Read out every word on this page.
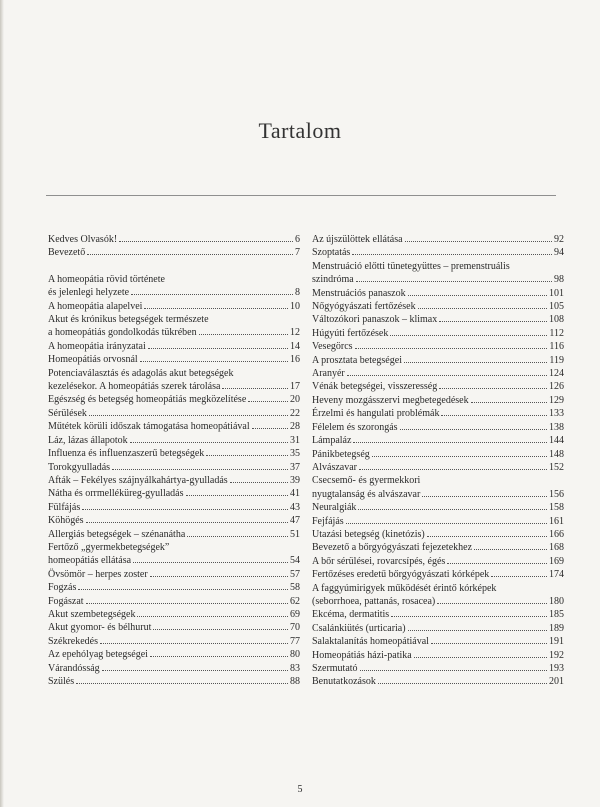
Tartalom
Kedves Olvasók!	6
Bevezető	7
A homeopátia rövid története
és jelenlegi helyzete	8
A homeopátia alapelvei	10
Akut és krónikus betegségek természete
a homeopátiás gondolkodás tükrében	12
A homeopátia irányzatai	14
Homeopátiás orvosnál	16
Potenciaválasztás és adagolás akut betegségek
kezelésekor. A homeopátiás szerek tárolása	17
Egészség és betegség homeopátiás megközelítése	20
Sérülések	22
Műtétek körüli időszak támogatása homeopátiával	28
Láz, lázas állapotok	31
Influenza és influenzaszerű betegségek	35
Torokgyulladás	37
Afták – Fekélyes szájnyálkahártya-gyulladás	39
Nátha és orrmelléküreg-gyulladás	41
Fülfájás	43
Köhögés	47
Allergiás betegségek – szénanátha	51
Fertőző „gyermekbetegségek”
homeopátiás ellátása	54
Övsömör – herpes zoster	57
Fogzás	58
Fogászat	62
Akut szembetegségek	69
Akut gyomor- és bélhurut	70
Székrekedés	77
Az epehólyag betegségei	80
Várandósság	83
Szülés	88
Az újszülöttek ellátása	92
Szoptatás	94
Menstruáció előtti tünetegyüttes – premenstruális
szindróma	98
Menstruációs panaszok	101
Nőgyógyászati fertőzések	105
Változókori panaszok – klimax	108
Húgyúti fertőzések	112
Vesegörcs	116
A prosztata betegségei	119
Aranyér	124
Vénák betegségei, visszeresség	126
Heveny mozgásszervi megbetegedések	129
Érzelmi és hangulati problémák	133
Félelem és szorongás	138
Lámpaláz	144
Pánikbetegség	148
Alvászavar	152
Csecsemő- és gyermekkori
nyugtalanság és alvászavar	156
Neuralgiák	158
Fejfájás	161
Utazási betegség (kinetózis)	166
Bevezető a bőrgyógyászati fejezetekhez	168
A bőr sérülései, rovarcsípés, égés	169
Fertőzéses eredetű bőrgyógyászati kórképek	174
A faggyúmirigyek működését érintő kórképek
(seborrhoea, pattanás, rosacea)	180
Ekcéma, dermatitis	185
Csalánkiütés (urticaria)	189
Salaktalanítás homeopátiával	191
Homeopátiás házi-patika	192
Szermutató	193
Benutatkozások	201
5
